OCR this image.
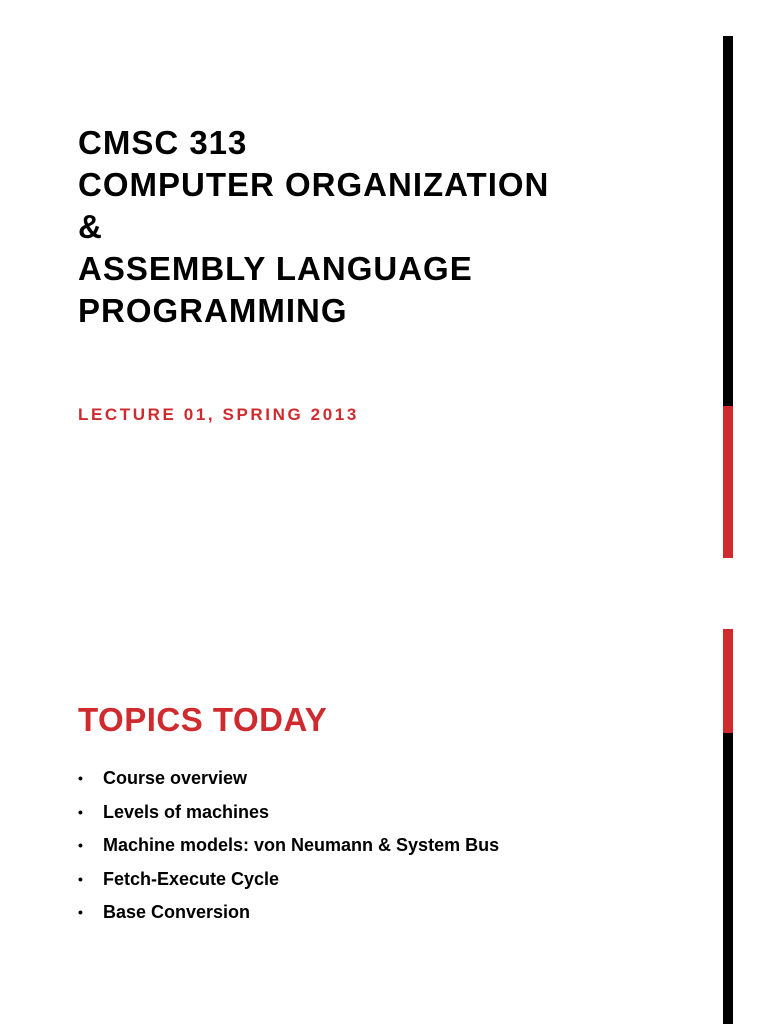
CMSC 313
COMPUTER ORGANIZATION
&
ASSEMBLY LANGUAGE
PROGRAMMING

LECTURE 01, SPRING 2013

TOPICS TODAY
• Course overview
• Levels of machines
• Machine models: von Neumann & System Bus
• Fetch-Execute Cycle
• Base Conversion
